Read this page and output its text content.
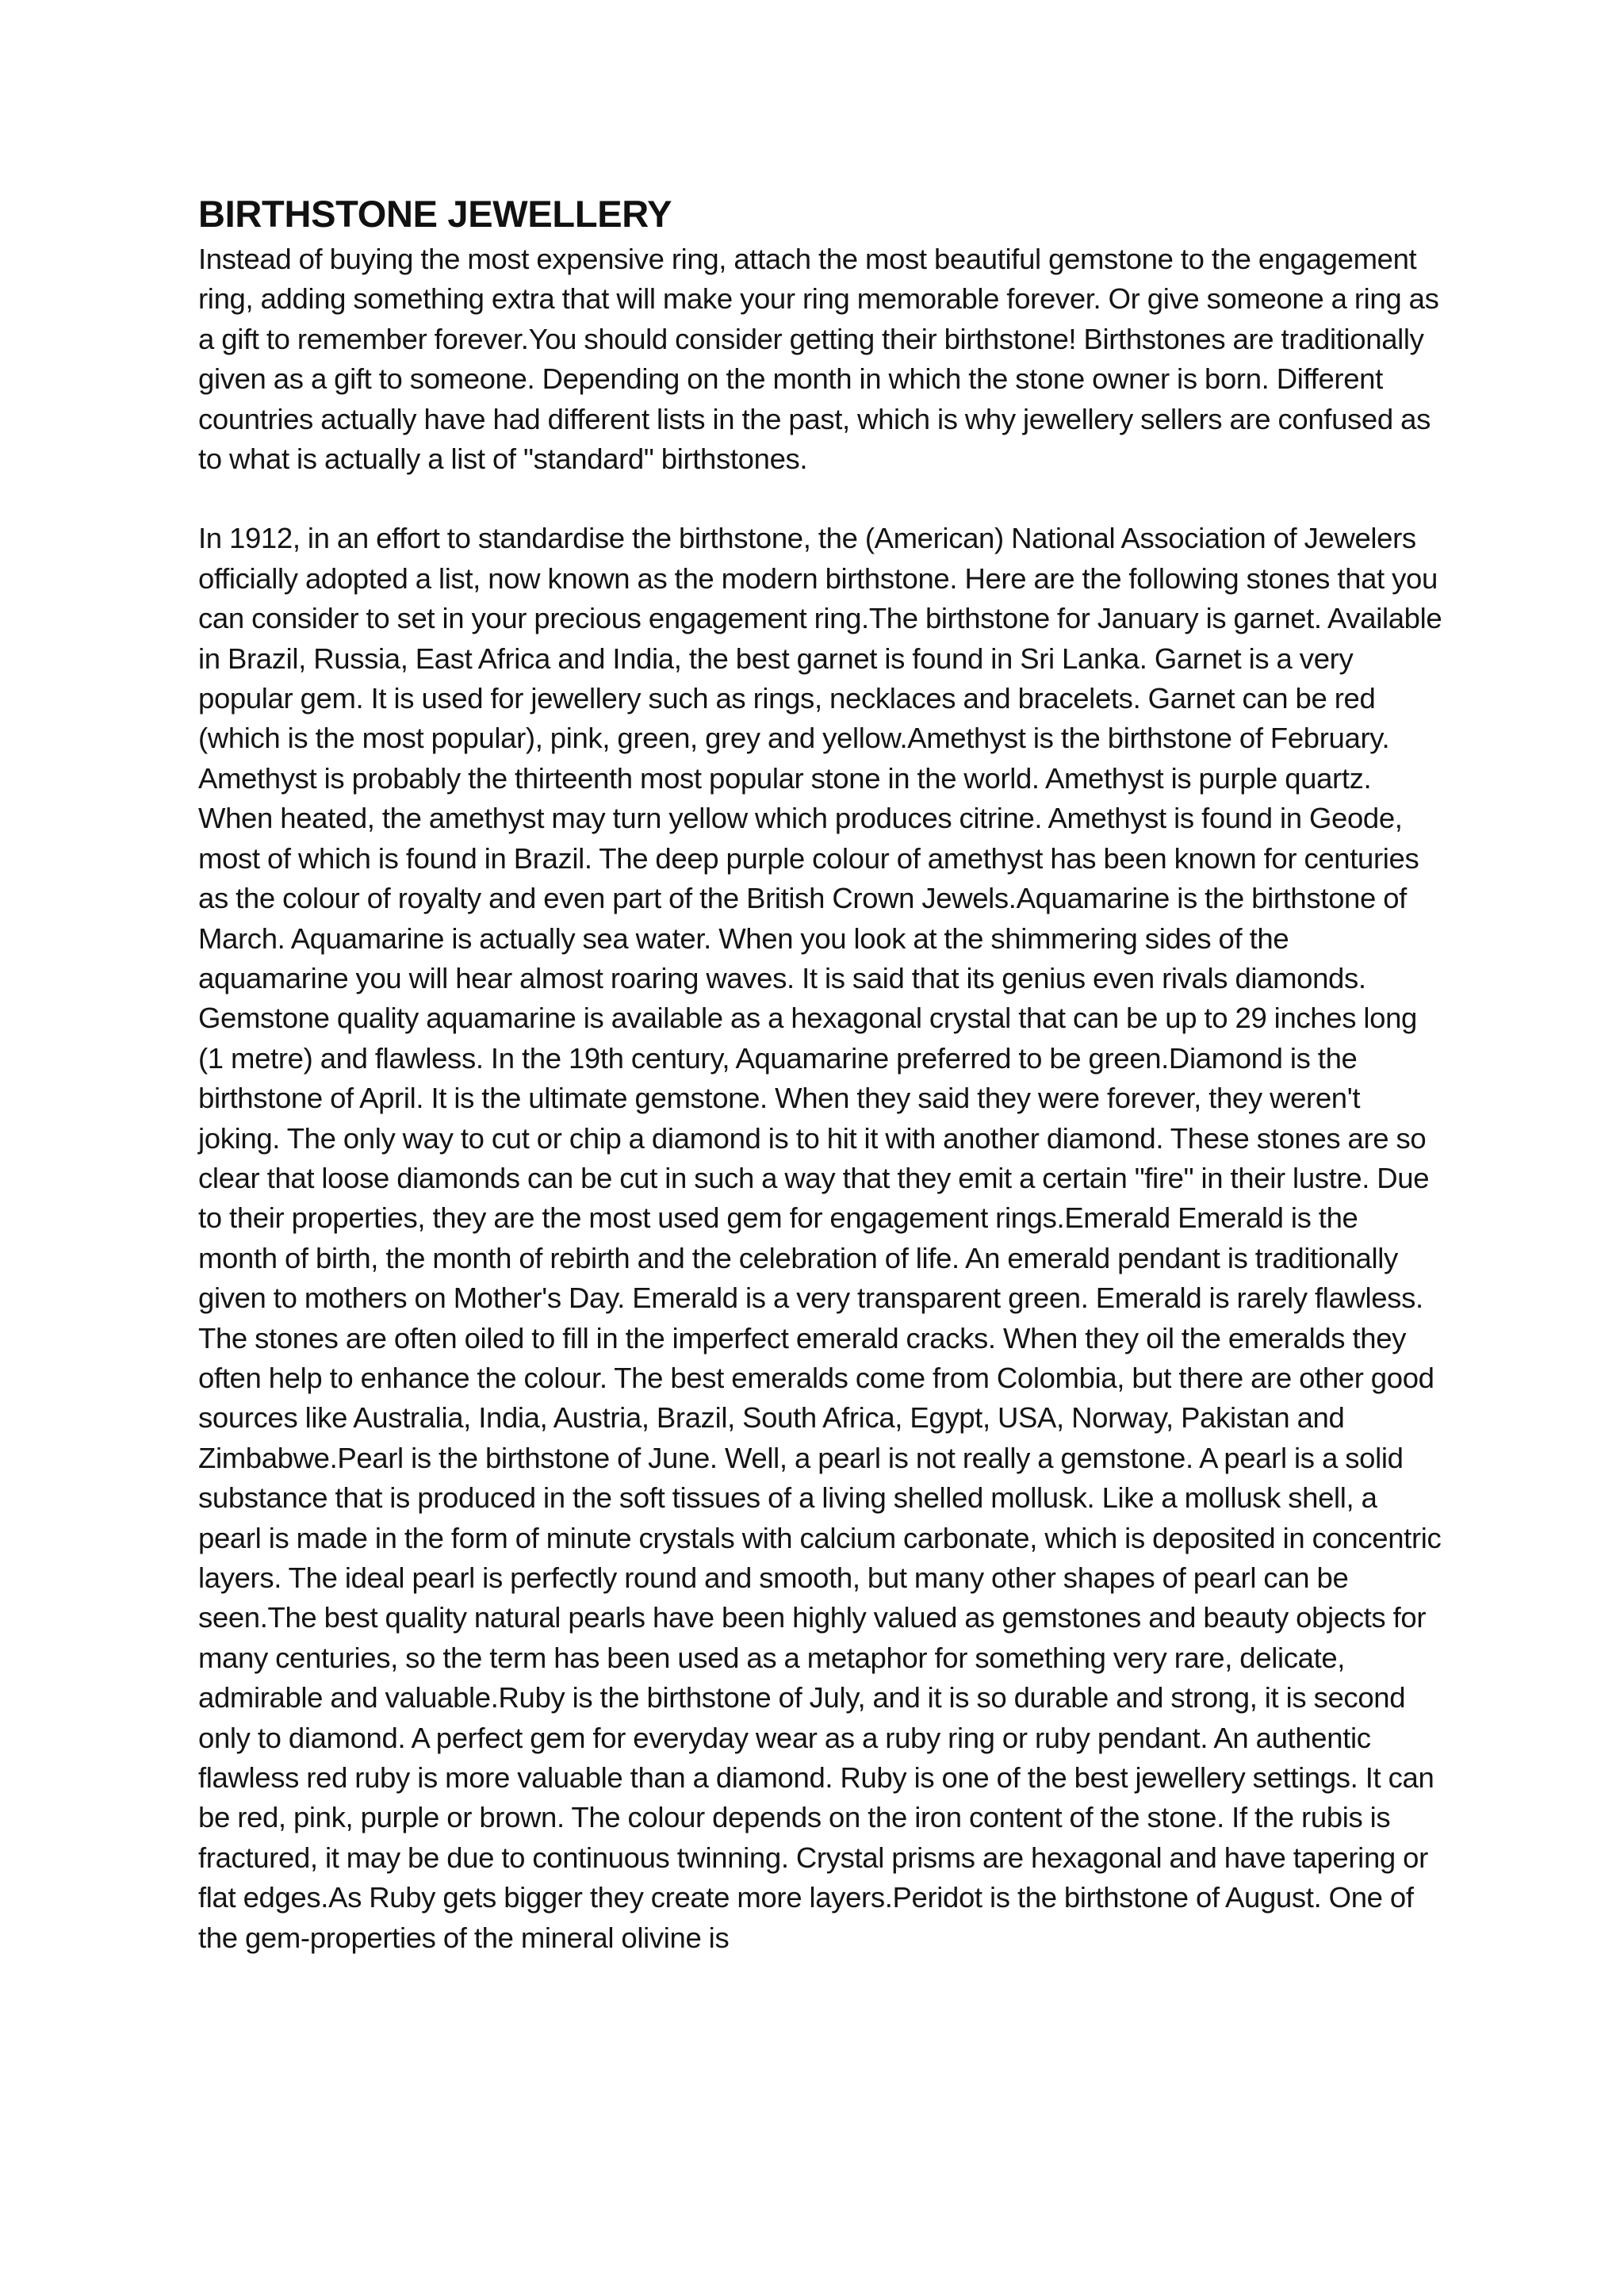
BIRTHSTONE JEWELLERY

Instead of buying the most expensive ring, attach the most beautiful gemstone to the engagement ring, adding something extra that will make your ring memorable forever. Or give someone a ring as a gift to remember forever.You should consider getting their birthstone! Birthstones are traditionally given as a gift to someone. Depending on the month in which the stone owner is born. Different countries actually have had different lists in the past, which is why jewellery sellers are confused as to what is actually a list of "standard" birthstones.

In 1912, in an effort to standardise the birthstone, the (American) National Association of Jewelers officially adopted a list, now known as the modern birthstone. Here are the following stones that you can consider to set in your precious engagement ring.The birthstone for January is garnet. Available in Brazil, Russia, East Africa and India, the best garnet is found in Sri Lanka. Garnet is a very popular gem. It is used for jewellery such as rings, necklaces and bracelets. Garnet can be red (which is the most popular), pink, green, grey and yellow.Amethyst is the birthstone of February. Amethyst is probably the thirteenth most popular stone in the world. Amethyst is purple quartz. When heated, the amethyst may turn yellow which produces citrine. Amethyst is found in Geode, most of which is found in Brazil. The deep purple colour of amethyst has been known for centuries as the colour of royalty and even part of the British Crown Jewels.Aquamarine is the birthstone of March. Aquamarine is actually sea water. When you look at the shimmering sides of the aquamarine you will hear almost roaring waves. It is said that its genius even rivals diamonds. Gemstone quality aquamarine is available as a hexagonal crystal that can be up to 29 inches long (1 metre) and flawless. In the 19th century, Aquamarine preferred to be green.Diamond is the birthstone of April. It is the ultimate gemstone. When they said they were forever, they weren't joking. The only way to cut or chip a diamond is to hit it with another diamond. These stones are so clear that loose diamonds can be cut in such a way that they emit a certain "fire" in their lustre. Due to their properties, they are the most used gem for engagement rings.Emerald Emerald is the month of birth, the month of rebirth and the celebration of life. An emerald pendant is traditionally given to mothers on Mother's Day. Emerald is a very transparent green. Emerald is rarely flawless. The stones are often oiled to fill in the imperfect emerald cracks. When they oil the emeralds they often help to enhance the colour. The best emeralds come from Colombia, but there are other good sources like Australia, India, Austria, Brazil, South Africa, Egypt, USA, Norway, Pakistan and Zimbabwe.Pearl is the birthstone of June. Well, a pearl is not really a gemstone. A pearl is a solid substance that is produced in the soft tissues of a living shelled mollusk. Like a mollusk shell, a pearl is made in the form of minute crystals with calcium carbonate, which is deposited in concentric layers. The ideal pearl is perfectly round and smooth, but many other shapes of pearl can be seen.The best quality natural pearls have been highly valued as gemstones and beauty objects for many centuries, so the term has been used as a metaphor for something very rare, delicate, admirable and valuable.Ruby is the birthstone of July, and it is so durable and strong, it is second only to diamond. A perfect gem for everyday wear as a ruby ring or ruby pendant. An authentic flawless red ruby is more valuable than a diamond. Ruby is one of the best jewellery settings. It can be red, pink, purple or brown. The colour depends on the iron content of the stone. If the rubis is fractured, it may be due to continuous twinning. Crystal prisms are hexagonal and have tapering or flat edges.As Ruby gets bigger they create more layers.Peridot is the birthstone of August. One of the gem-properties of the mineral olivine is
